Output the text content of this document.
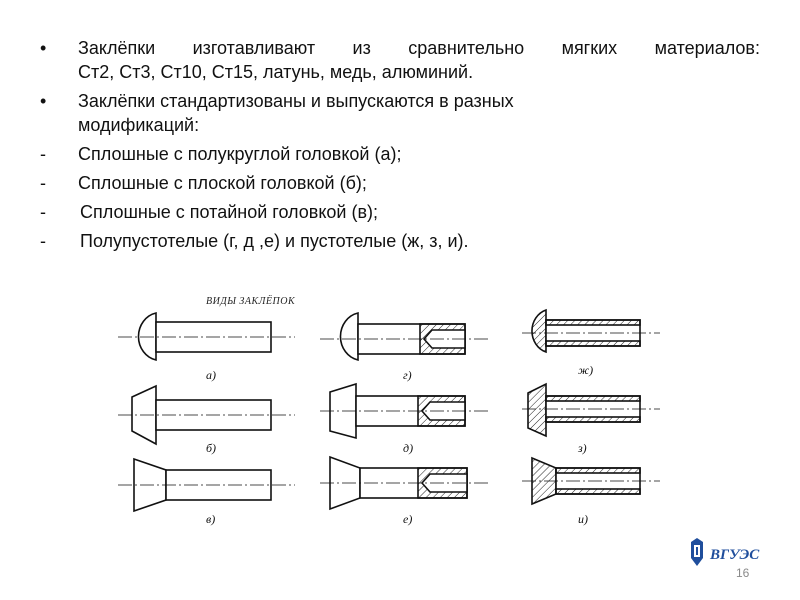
•	Заклёпки изготавливают из сравнительно мягких материалов:
Ст2, Ст3, Ст10, Ст15, латунь, медь, алюминий.
•	Заклёпки стандартизованы и выпускаются в разных
модификаций:
-	Сплошные с полукруглой головкой (а);
-	Сплошные с плоской головкой (б);
-	Сплошные с потайной головкой (в);
-	Полупустотелые (г, д ,е) и пустотелые (ж, з, и).
ВИДЫ ЗАКЛЁПОК
а)
б)
в)
г)
д)
е)
ж)
з)
и)
ВГУЭС
16
